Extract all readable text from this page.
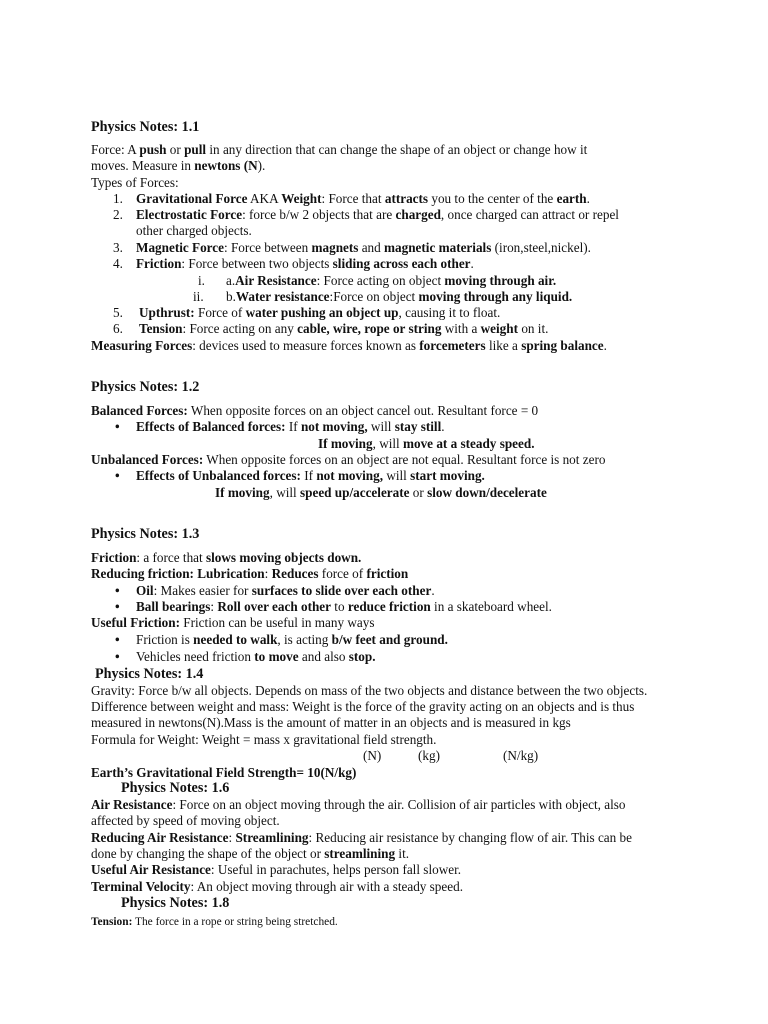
Physics Notes: 1.1
Force: A push or pull in any direction that can change the shape of an object or change how it
moves. Measure in newtons (N).
Types of Forces:
1. Gravitational Force AKA Weight: Force that attracts you to the center of the earth.
2. Electrostatic Force: force b/w 2 objects that are charged, once charged can attract or repel
other charged objects.
3. Magnetic Force: Force between magnets and magnetic materials (iron,steel,nickel).
4. Friction: Force between two objects sliding across each other.
i. a.Air Resistance: Force acting on object moving through air.
ii. b.Water resistance:Force on object moving through any liquid.
5. Upthrust: Force of water pushing an object up, causing it to float.
6. Tension: Force acting on any cable, wire, rope or string with a weight on it.
Measuring Forces: devices used to measure forces known as forcemeters like a spring balance.
Physics Notes: 1.2
Balanced Forces: When opposite forces on an object cancel out. Resultant force = 0
• Effects of Balanced forces: If not moving, will stay still.
If moving, will move at a steady speed.
Unbalanced Forces: When opposite forces on an object are not equal. Resultant force is not zero
• Effects of Unbalanced forces: If not moving, will start moving.
If moving, will speed up/accelerate or slow down/decelerate
Physics Notes: 1.3
Friction: a force that slows moving objects down.
Reducing friction: Lubrication: Reduces force of friction
• Oil: Makes easier for surfaces to slide over each other.
• Ball bearings: Roll over each other to reduce friction in a skateboard wheel.
Useful Friction: Friction can be useful in many ways
• Friction is needed to walk, is acting b/w feet and ground.
• Vehicles need friction to move and also stop.
Physics Notes: 1.4
Gravity: Force b/w all objects. Depends on mass of the two objects and distance between the two objects.
Difference between weight and mass: Weight is the force of the gravity acting on an objects and is thus
measured in newtons(N).Mass is the amount of matter in an objects and is measured in kgs
Formula for Weight: Weight = mass x gravitational field strength.
(N)	(kg)	(N/kg)
Earth’s Gravitational Field Strength= 10(N/kg)
Physics Notes: 1.6
Air Resistance: Force on an object moving through the air. Collision of air particles with object, also
affected by speed of moving object.
Reducing Air Resistance: Streamlining: Reducing air resistance by changing flow of air. This can be
done by changing the shape of the object or streamlining it.
Useful Air Resistance: Useful in parachutes, helps person fall slower.
Terminal Velocity: An object moving through air with a steady speed.
Physics Notes: 1.8
Tension: The force in a rope or string being stretched.
